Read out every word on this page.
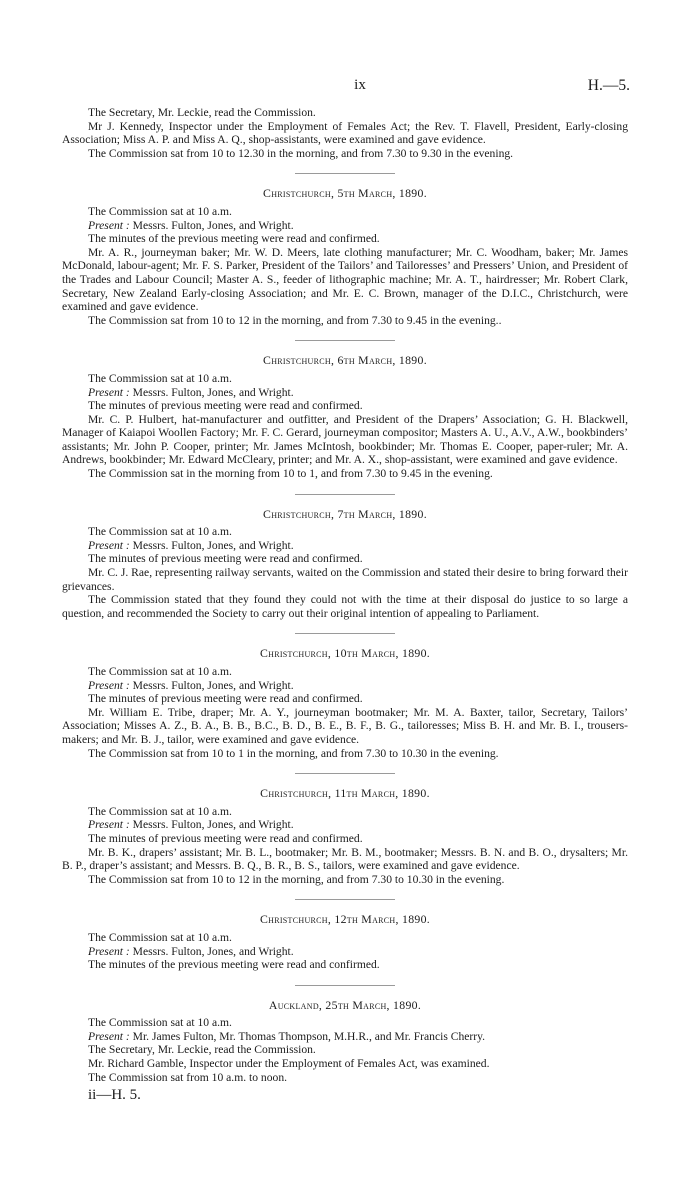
ix	H.—5.

The Secretary, Mr. Leckie, read the Commission.

Mr J. Kennedy, Inspector under the Employment of Females Act; the Rev. T. Flavell, President, Early-closing Association; Miss A. P. and Miss A. Q., shop-assistants, were examined and gave evidence.

The Commission sat from 10 to 12.30 in the morning, and from 7.30 to 9.30 in the evening.

Christchurch, 5th March, 1890.

The Commission sat at 10 a.m.

Present : Messrs. Fulton, Jones, and Wright.

The minutes of the previous meeting were read and confirmed.

Mr. A. R., journeyman baker; Mr. W. D. Meers, late clothing manufacturer; Mr. C. Woodham, baker; Mr. James McDonald, labour-agent; Mr. F. S. Parker, President of the Tailors’ and Tailoresses’ and Pressers’ Union, and President of the Trades and Labour Council; Master A. S., feeder of lithographic machine; Mr. A. T., hairdresser; Mr. Robert Clark, Secretary, New Zealand Early-closing Association; and Mr. E. C. Brown, manager of the D.I.C., Christchurch, were examined and gave evidence.

The Commission sat from 10 to 12 in the morning, and from 7.30 to 9.45 in the evening..

Christchurch, 6th March, 1890.

The Commission sat at 10 a.m.

Present : Messrs. Fulton, Jones, and Wright.

The minutes of previous meeting were read and confirmed.

Mr. C. P. Hulbert, hat-manufacturer and outfitter, and President of the Drapers’ Association; G. H. Blackwell, Manager of Kaiapoi Woollen Factory; Mr. F. C. Gerard, journeyman compositor; Masters A. U., A.V., A.W., bookbinders’ assistants; Mr. John P. Cooper, printer; Mr. James McIntosh, bookbinder; Mr. Thomas E. Cooper, paper-ruler; Mr. A. Andrews, bookbinder; Mr. Edward McCleary, printer; and Mr. A. X., shop-assistant, were examined and gave evidence.

The Commission sat in the morning from 10 to 1, and from 7.30 to 9.45 in the evening.

Christchurch, 7th March, 1890.

The Commission sat at 10 a.m.

Present : Messrs. Fulton, Jones, and Wright.

The minutes of previous meeting were read and confirmed.

Mr. C. J. Rae, representing railway servants, waited on the Commission and stated their desire to bring forward their grievances.

The Commission stated that they found they could not with the time at their disposal do justice to so large a question, and recommended the Society to carry out their original intention of appealing to Parliament.

Christchurch, 10th March, 1890.

The Commission sat at 10 a.m.

Present : Messrs. Fulton, Jones, and Wright.

The minutes of previous meeting were read and confirmed.

Mr. William E. Tribe, draper; Mr. A. Y., journeyman bootmaker; Mr. M. A. Baxter, tailor, Secretary, Tailors’ Association; Misses A. Z., B. A., B. B., B.C., B. D., B. E., B. F., B. G., tailoresses; Miss B. H. and Mr. B. I., trousers-makers; and Mr. B. J., tailor, were examined and gave evidence.

The Commission sat from 10 to 1 in the morning, and from 7.30 to 10.30 in the evening.

Christchurch, 11th March, 1890.

The Commission sat at 10 a.m.

Present : Messrs. Fulton, Jones, and Wright.

The minutes of previous meeting were read and confirmed.

Mr. B. K., drapers’ assistant; Mr. B. L., bootmaker; Mr. B. M., bootmaker; Messrs. B. N. and B. O., drysalters; Mr. B. P., draper’s assistant; and Messrs. B. Q., B. R., B. S., tailors, were examined and gave evidence.

The Commission sat from 10 to 12 in the morning, and from 7.30 to 10.30 in the evening.

Christchurch, 12th March, 1890.

The Commission sat at 10 a.m.

Present : Messrs. Fulton, Jones, and Wright.

The minutes of the previous meeting were read and confirmed.

Auckland, 25th March, 1890.

The Commission sat at 10 a.m.

Present : Mr. James Fulton, Mr. Thomas Thompson, M.H.R., and Mr. Francis Cherry.

The Secretary, Mr. Leckie, read the Commission.

Mr. Richard Gamble, Inspector under the Employment of Females Act, was examined.

The Commission sat from 10 a.m. to noon.

ii—H. 5.
